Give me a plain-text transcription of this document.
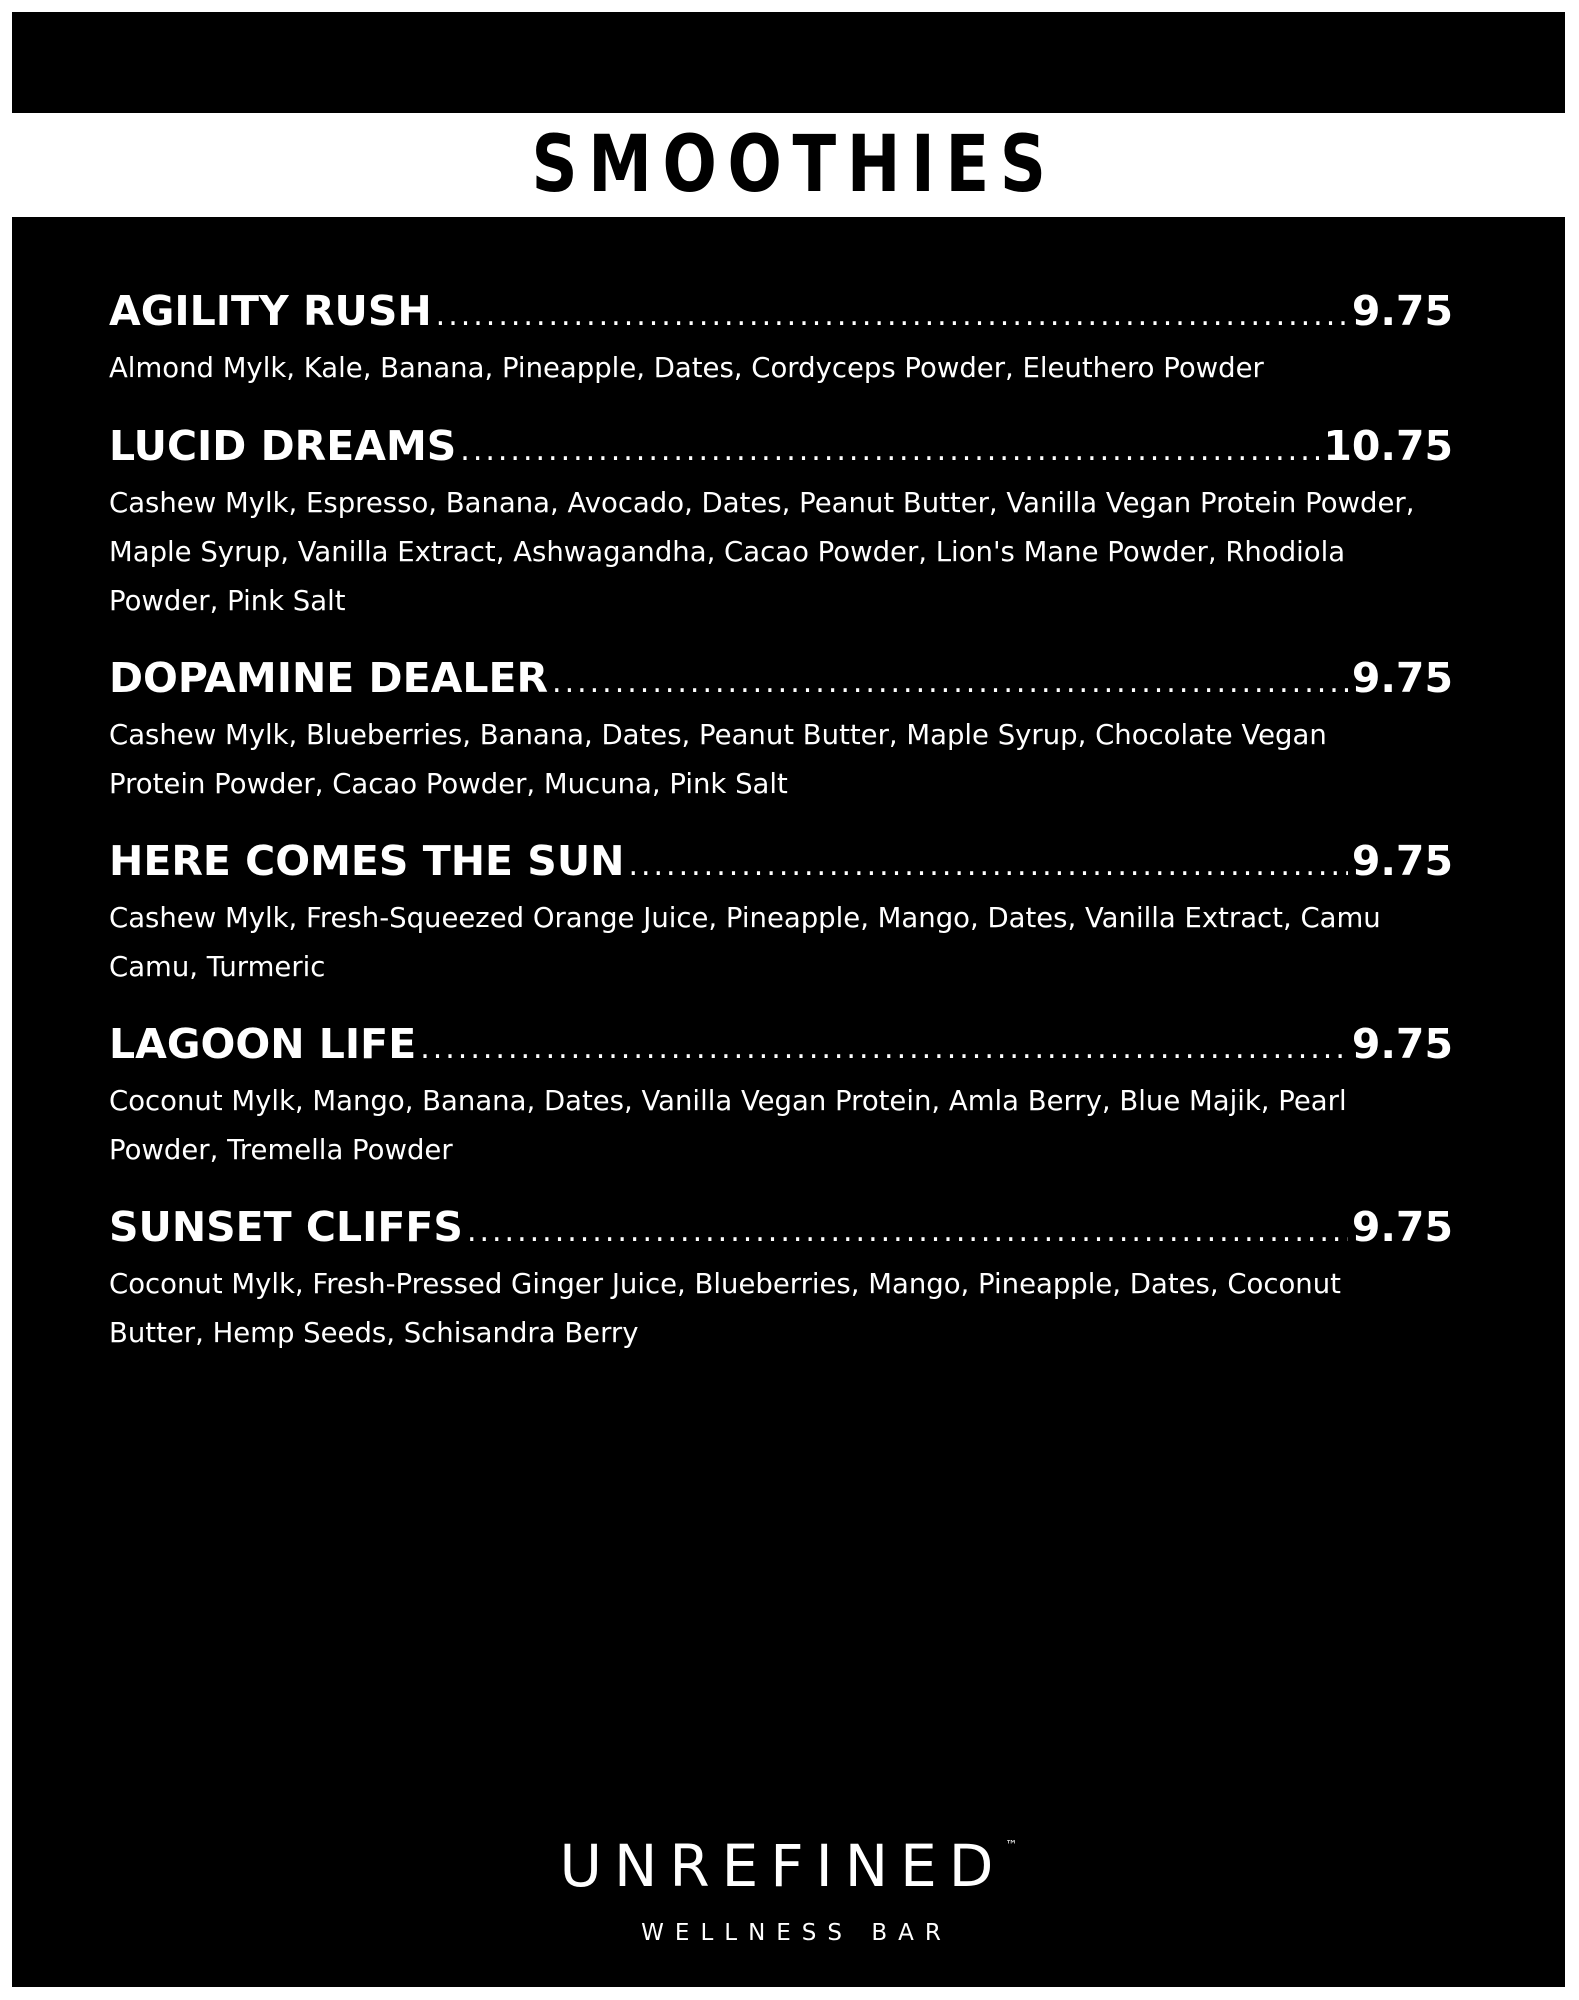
SMOOTHIES
AGILITY RUSH .....	9.75
Almond Mylk, Kale, Banana, Pineapple, Dates, Cordyceps Powder, Eleuthero Powder
LUCID DREAMS .....	10.75
Cashew Mylk, Espresso, Banana, Avocado, Dates, Peanut Butter, Vanilla Vegan Protein Powder, Maple Syrup, Vanilla Extract, Ashwagandha, Cacao Powder, Lion's Mane Powder, Rhodiola Powder, Pink Salt
DOPAMINE DEALER .....	9.75
Cashew Mylk, Blueberries, Banana, Dates, Peanut Butter, Maple Syrup, Chocolate Vegan Protein Powder, Cacao Powder, Mucuna, Pink Salt
HERE COMES THE SUN .....	9.75
Cashew Mylk, Fresh-Squeezed Orange Juice, Pineapple, Mango, Dates, Vanilla Extract, Camu Camu, Turmeric
LAGOON LIFE .....	9.75
Coconut Mylk, Mango, Banana, Dates, Vanilla Vegan Protein, Amla Berry, Blue Majik, Pearl Powder, Tremella Powder
SUNSET CLIFFS .....	9.75
Coconut Mylk, Fresh-Pressed Ginger Juice, Blueberries, Mango, Pineapple, Dates, Coconut Butter, Hemp Seeds, Schisandra Berry
UNREFINED™
WELLNESS BAR
